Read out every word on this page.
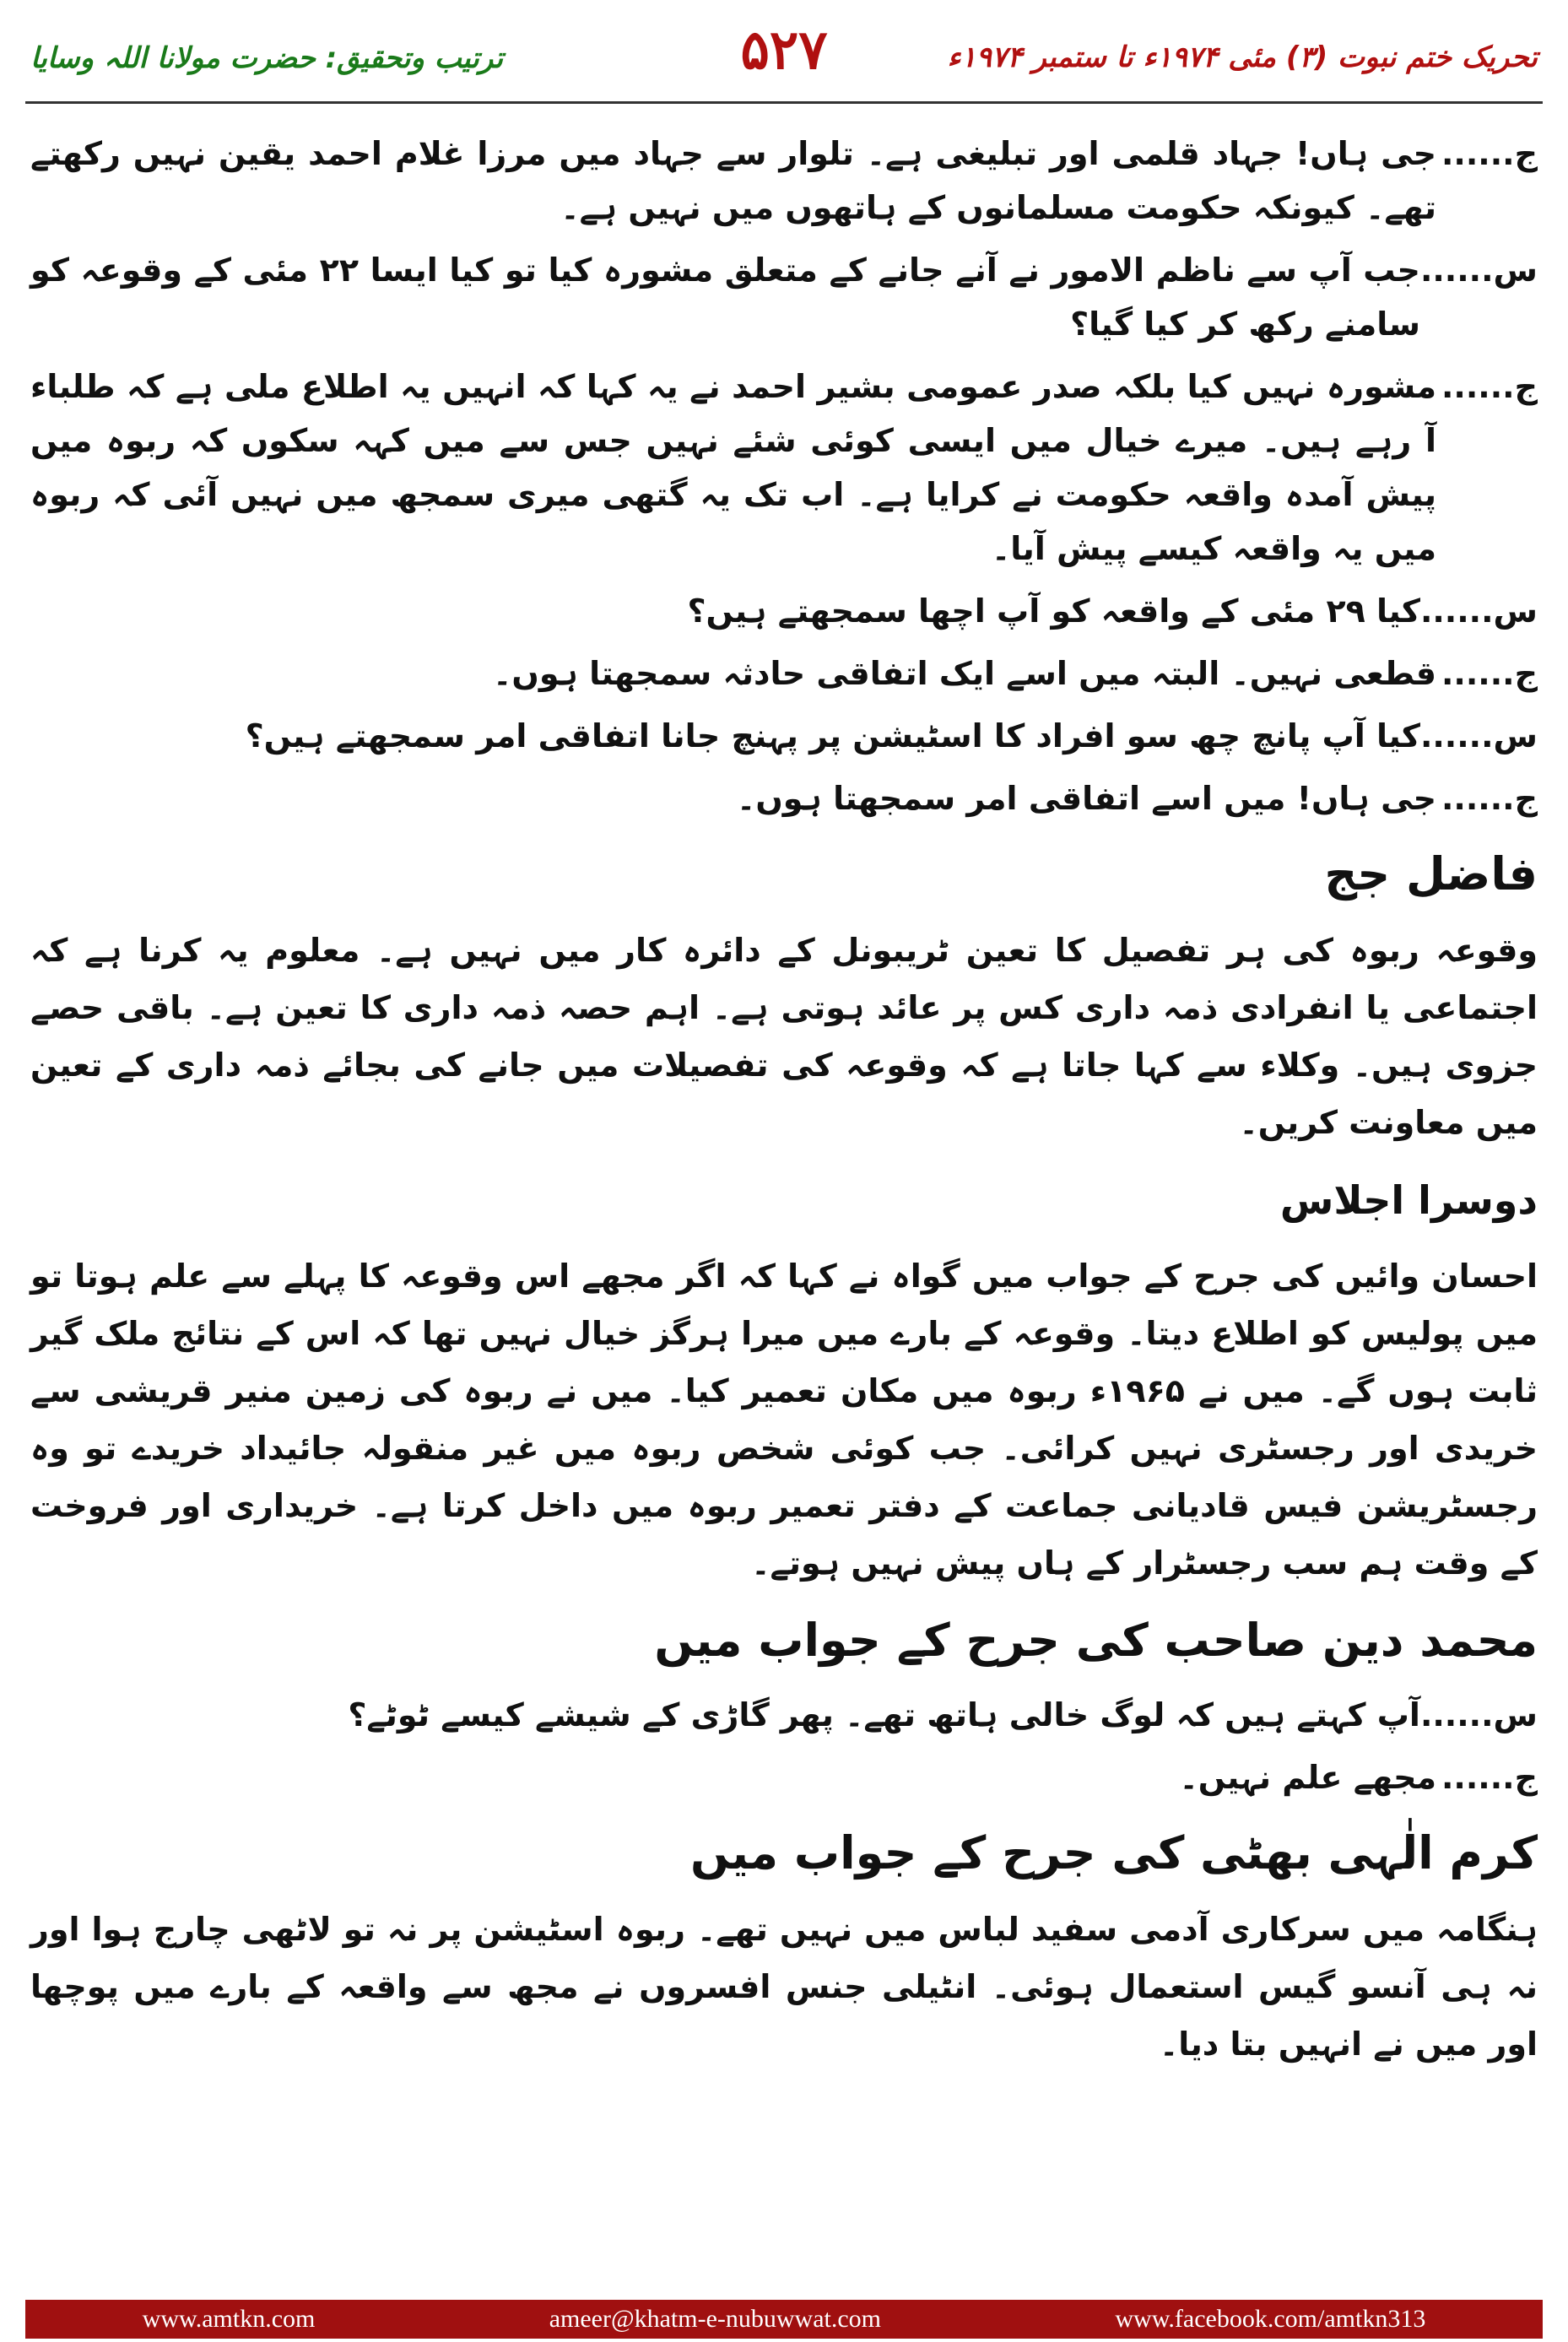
تحریک ختم نبوت (۳) مئی ۱۹۷۴ء تا ستمبر ۱۹۷۴ء
۵۲۷
ترتیب وتحقیق: حضرت مولانا اللہ وسایا
ج......
جی ہاں! جہاد قلمی اور تبلیغی ہے۔ تلوار سے جہاد میں مرزا غلام احمد یقین نہیں رکھتے تھے۔ کیونکہ حکومت مسلمانوں کے ہاتھوں میں نہیں ہے۔
س......
جب آپ سے ناظم الامور نے آنے جانے کے متعلق مشورہ کیا تو کیا ایسا ۲۲ مئی کے وقوعہ کو سامنے رکھ کر کیا گیا؟
ج......
مشورہ نہیں کیا بلکہ صدر عمومی بشیر احمد نے یہ کہا کہ انہیں یہ اطلاع ملی ہے کہ طلباء آ رہے ہیں۔ میرے خیال میں ایسی کوئی شئے نہیں جس سے میں کہہ سکوں کہ ربوہ میں پیش آمدہ واقعہ حکومت نے کرایا ہے۔ اب تک یہ گتھی میری سمجھ میں نہیں آئی کہ ربوہ میں یہ واقعہ کیسے پیش آیا۔
س......
کیا ۲۹ مئی کے واقعہ کو آپ اچھا سمجھتے ہیں؟
ج......
قطعی نہیں۔ البتہ میں اسے ایک اتفاقی حادثہ سمجھتا ہوں۔
س......
کیا آپ پانچ چھ سو افراد کا اسٹیشن پر پہنچ جانا اتفاقی امر سمجھتے ہیں؟
ج......
جی ہاں! میں اسے اتفاقی امر سمجھتا ہوں۔
فاضل جج
وقوعہ ربوہ کی ہر تفصیل کا تعین ٹریبونل کے دائرہ کار میں نہیں ہے۔ معلوم یہ کرنا ہے کہ اجتماعی یا انفرادی ذمہ داری کس پر عائد ہوتی ہے۔ اہم حصہ ذمہ داری کا تعین ہے۔ باقی حصے جزوی ہیں۔ وکلاء سے کہا جاتا ہے کہ وقوعہ کی تفصیلات میں جانے کی بجائے ذمہ داری کے تعین میں معاونت کریں۔
دوسرا اجلاس
احسان وائیں کی جرح کے جواب میں گواہ نے کہا کہ اگر مجھے اس وقوعہ کا پہلے سے علم ہوتا تو میں پولیس کو اطلاع دیتا۔ وقوعہ کے بارے میں میرا ہرگز خیال نہیں تھا کہ اس کے نتائج ملک گیر ثابت ہوں گے۔ میں نے ۱۹۶۵ء ربوہ میں مکان تعمیر کیا۔ میں نے ربوہ کی زمین منیر قریشی سے خریدی اور رجسٹری نہیں کرائی۔ جب کوئی شخص ربوہ میں غیر منقولہ جائیداد خریدے تو وہ رجسٹریشن فیس قادیانی جماعت کے دفتر تعمیر ربوہ میں داخل کرتا ہے۔ خریداری اور فروخت کے وقت ہم سب رجسٹرار کے ہاں پیش نہیں ہوتے۔
محمد دین صاحب کی جرح کے جواب میں
س......
آپ کہتے ہیں کہ لوگ خالی ہاتھ تھے۔ پھر گاڑی کے شیشے کیسے ٹوٹے؟
ج......
مجھے علم نہیں۔
کرم الٰہی بھٹی کی جرح کے جواب میں
ہنگامہ میں سرکاری آدمی سفید لباس میں نہیں تھے۔ ربوہ اسٹیشن پر نہ تو لاٹھی چارج ہوا اور نہ ہی آنسو گیس استعمال ہوئی۔ انٹیلی جنس افسروں نے مجھ سے واقعہ کے بارے میں پوچھا اور میں نے انہیں بتا دیا۔
www.amtkn.com	ameer@khatm-e-nubuwwat.com	www.facebook.com/amtkn313
